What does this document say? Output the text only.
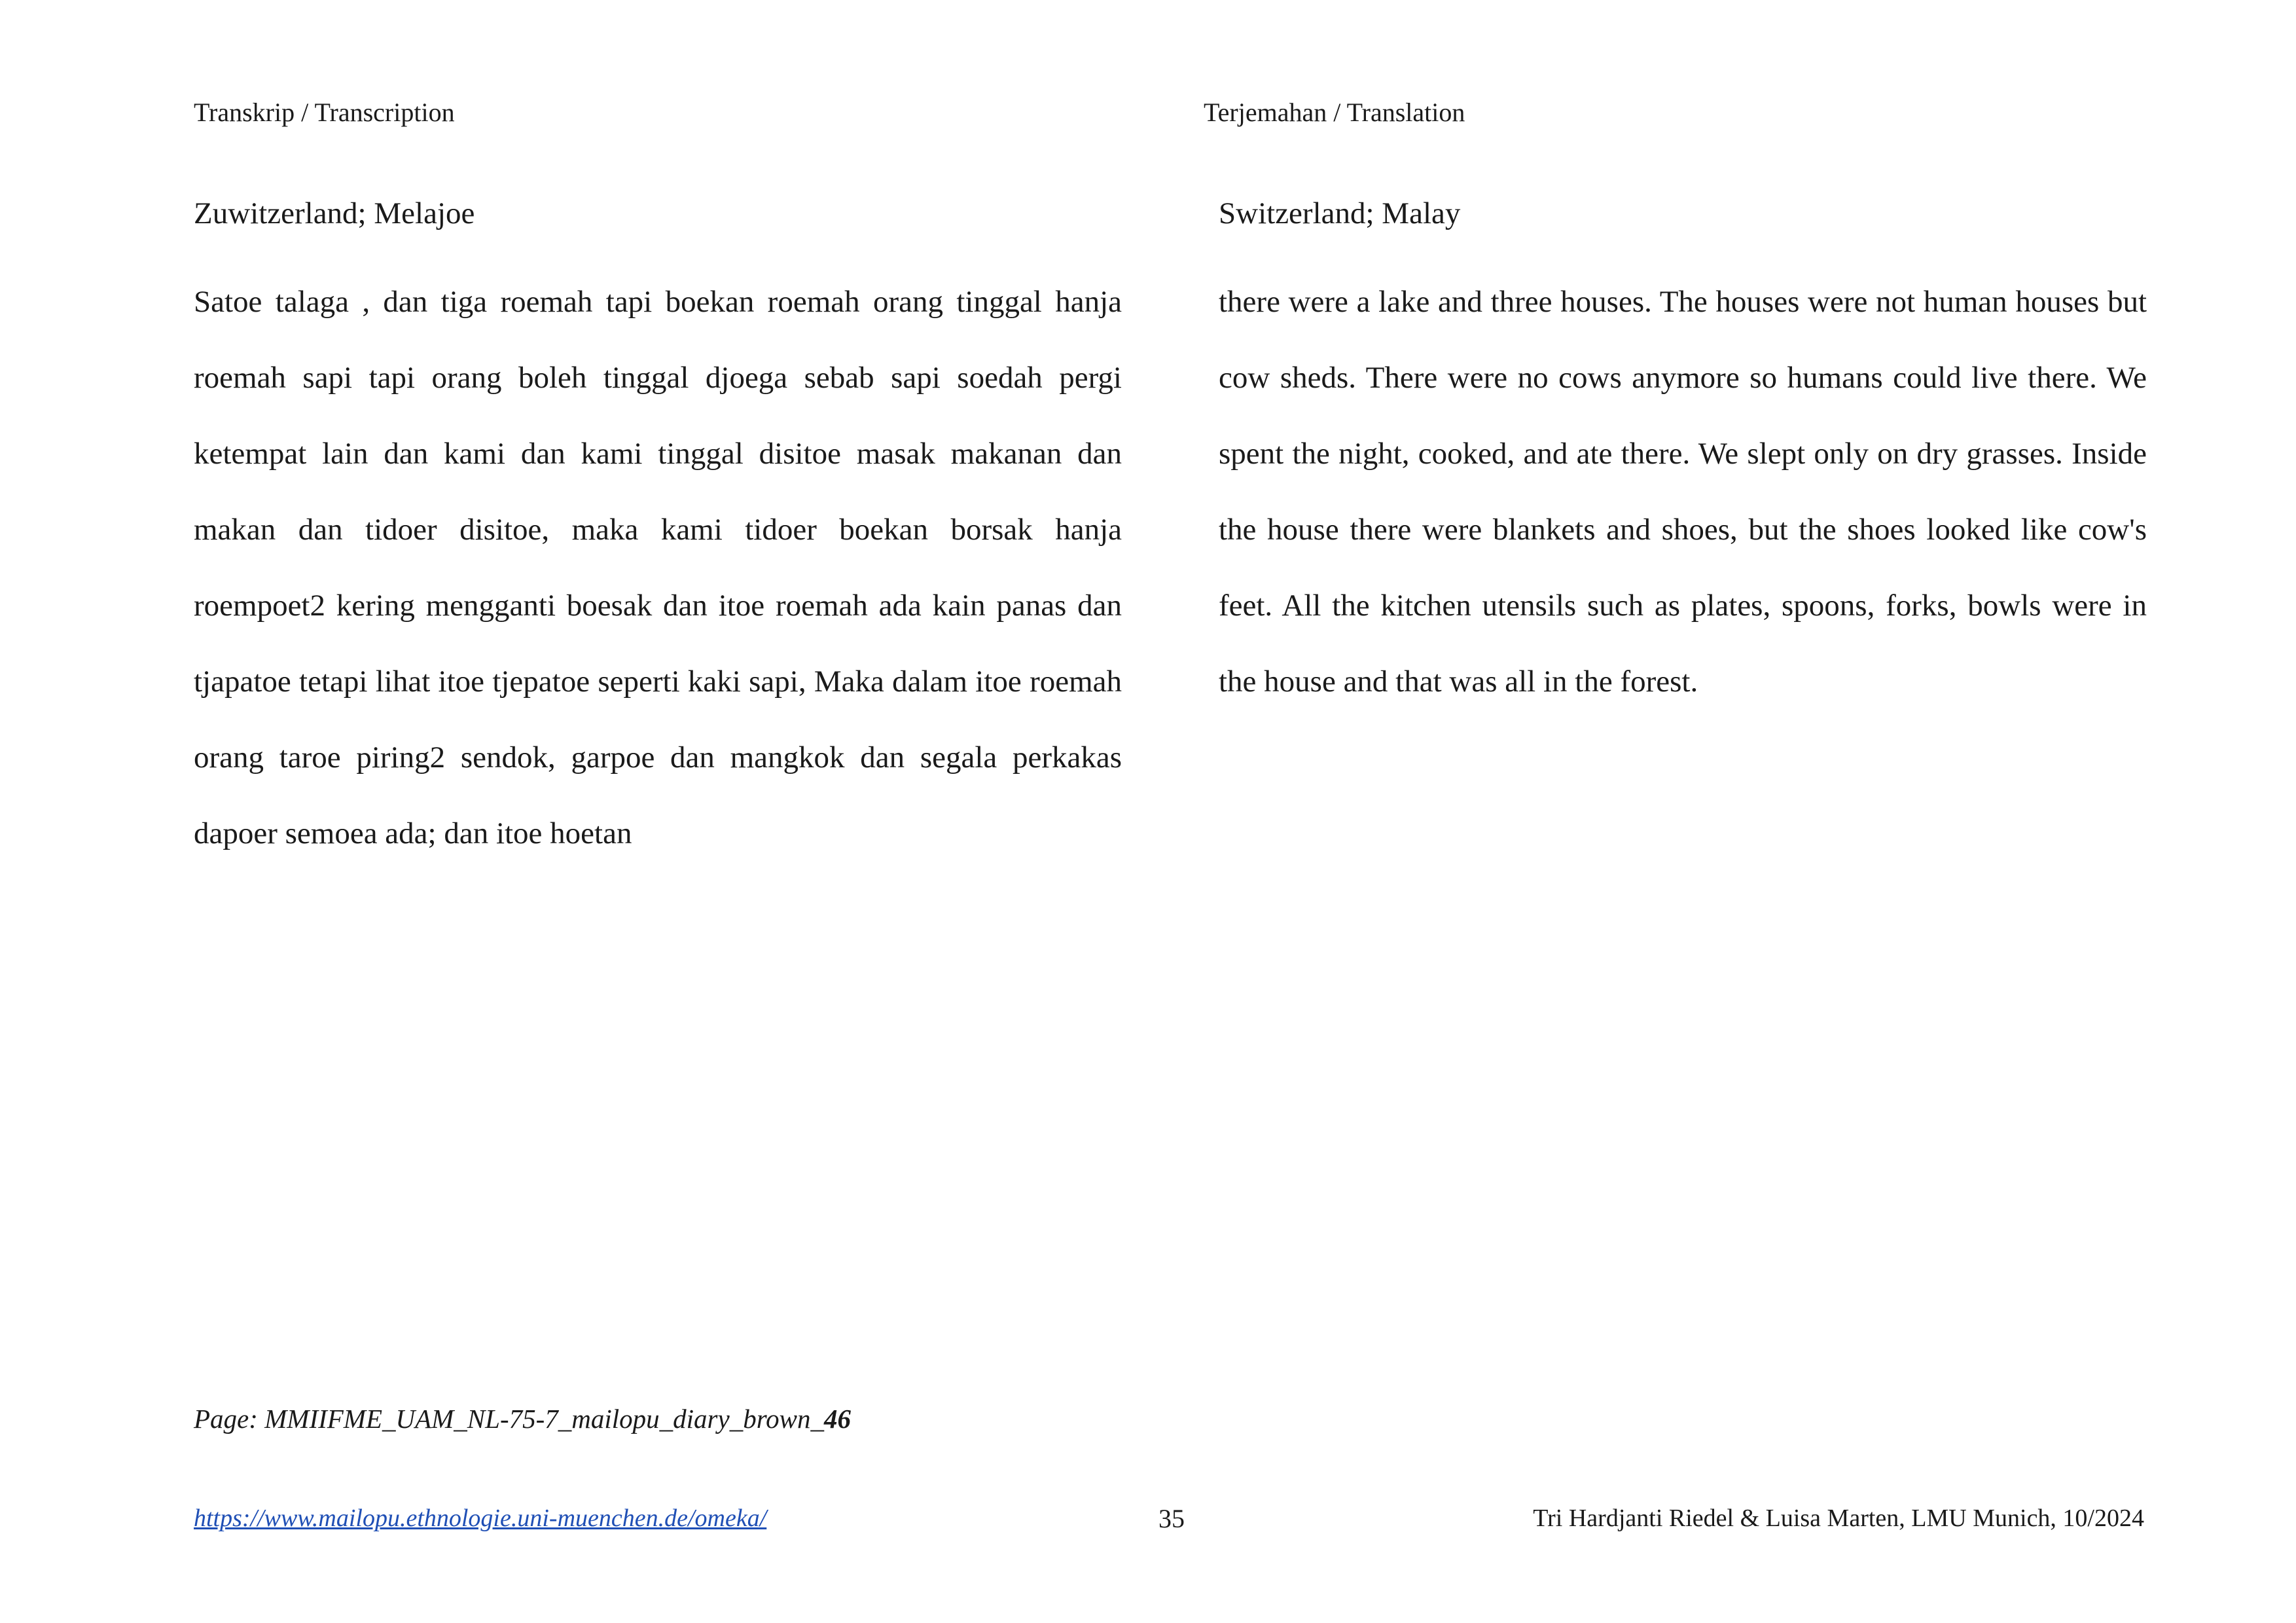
Transkrip / Transcription	Terjemahan / Translation

Zuwitzerland; Melajoe

Satoe talaga , dan tiga roemah tapi boekan roemah orang tinggal hanja roemah sapi tapi orang boleh tinggal djoega sebab sapi soedah pergi ketempat lain dan kami dan kami tinggal disitoe masak makanan dan makan dan tidoer disitoe, maka kami tidoer boekan borsak hanja roempoet2 kering mengganti boesak dan itoe roemah ada kain panas dan tjapatoe tetapi lihat itoe tjepatoe seperti kaki sapi, Maka dalam itoe roemah orang taroe piring2 sendok, garpoe dan mangkok dan segala perkakas dapoer semoea ada; dan itoe hoetan

Switzerland; Malay

there were a lake and three houses. The houses were not human houses but cow sheds. There were no cows anymore so humans could live there. We spent the night, cooked, and ate there. We slept only on dry grasses. Inside the house there were blankets and shoes, but the shoes looked like cow's feet. All the kitchen utensils such as plates, spoons, forks, bowls were in the house and that was all in the forest.

Page: MMIIFME_UAM_NL-75-7_mailopu_diary_brown_46
https://www.mailopu.ethnologie.uni-muenchen.de/omeka/	35	Tri Hardjanti Riedel & Luisa Marten, LMU Munich, 10/2024
